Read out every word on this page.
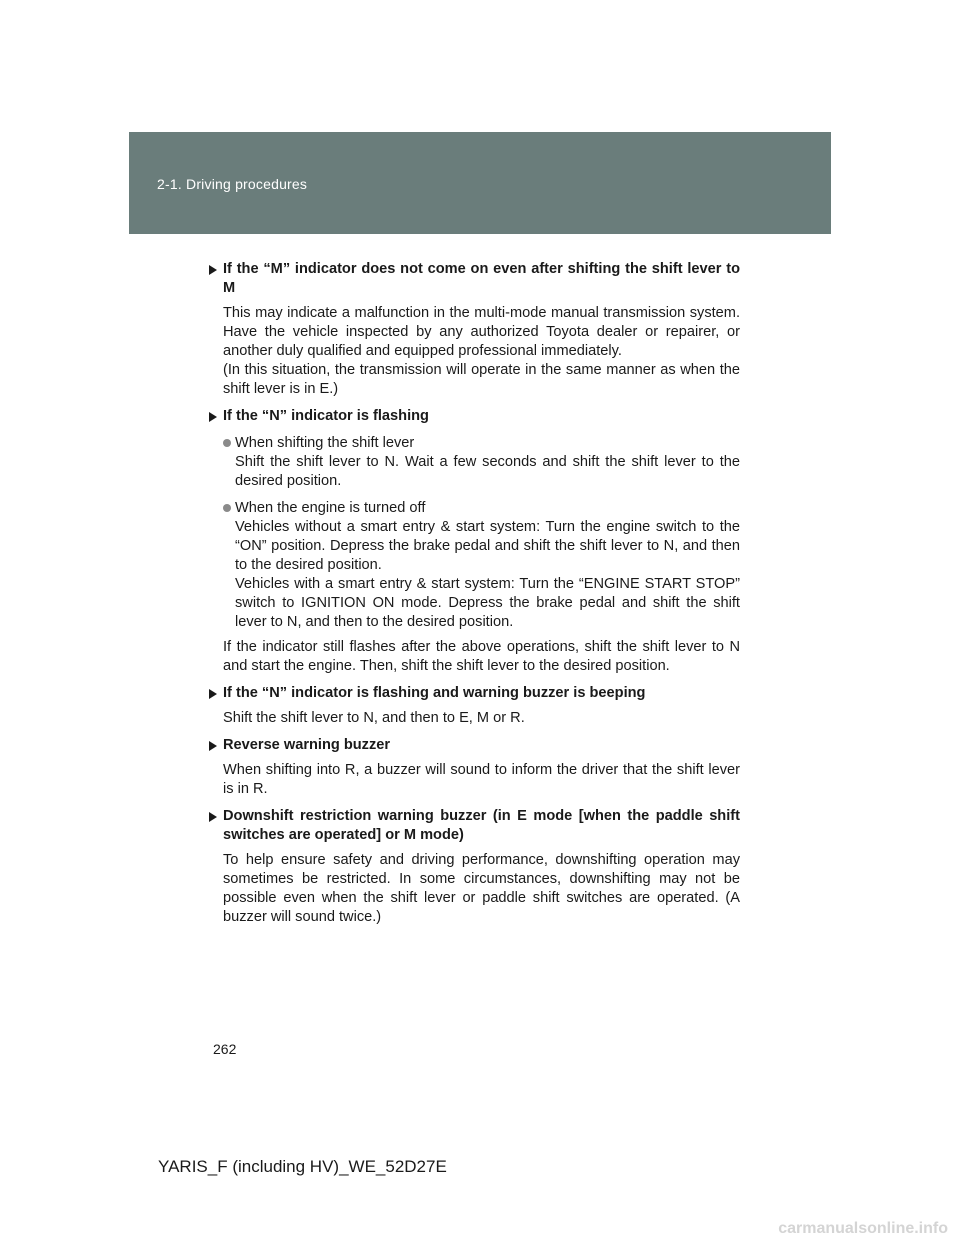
2-1. Driving procedures
If the “M” indicator does not come on even after shifting the shift lever to M
This may indicate a malfunction in the multi-mode manual transmission system. Have the vehicle inspected by any authorized Toyota dealer or repairer, or another duly qualified and equipped professional immediately.
(In this situation, the transmission will operate in the same manner as when the shift lever is in E.)
If the “N” indicator is flashing

When shifting the shift lever

Shift the shift lever to N. Wait a few seconds and shift the shift lever to the desired position.

When the engine is turned off

Vehicles without a smart entry & start system: Turn the engine switch to the “ON” position. Depress the brake pedal and shift the shift lever to N, and then to the desired position.

Vehicles with a smart entry & start system: Turn the “ENGINE START STOP” switch to IGNITION ON mode. Depress the brake pedal and shift the shift lever to N, and then to the desired position.

If the indicator still flashes after the above operations, shift the shift lever to N and start the engine. Then, shift the shift lever to the desired position.
If the “N” indicator is flashing and warning buzzer is beeping
Shift the shift lever to N, and then to E, M or R.
Reverse warning buzzer
When shifting into R, a buzzer will sound to inform the driver that the shift lever is in R.
Downshift restriction warning buzzer (in E mode [when the paddle shift switches are operated] or M mode)
To help ensure safety and driving performance, downshifting operation may sometimes be restricted. In some circumstances, downshifting may not be possible even when the shift lever or paddle shift switches are operated. (A buzzer will sound twice.)
262
YARIS_F (including HV)_WE_52D27E
carmanualsonline.info
